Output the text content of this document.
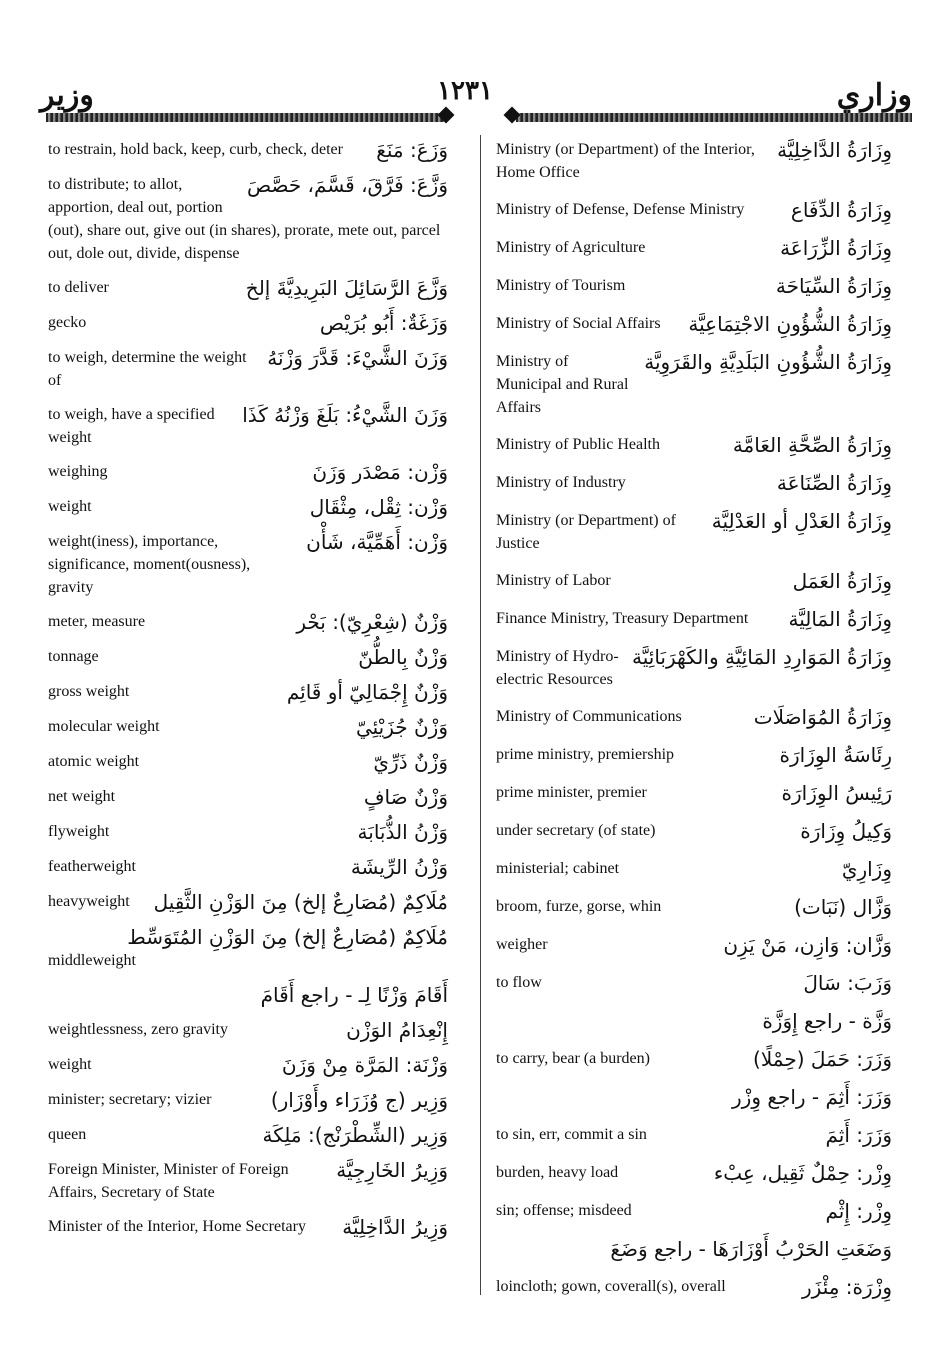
وزير	١٢٣١	وزاري
وَزَعَ: مَنَعَ
to restrain, hold back, keep, curb, check, deter
وَزَّعَ: فَرَّقَ، قَسَّمَ، حَصَّصَ
to distribute; to allot, apportion, deal out, portion (out), share out, give out (in shares), prorate, mete out, parcel out, dole out, divide, dispense
وَزَّعَ الرَّسَائِلَ البَرِيدِيَّةَ إلخ
to deliver
وَزَغَةٌ: أَبُو بُرَيْص
gecko
وَزَنَ الشَّيْءَ: قَدَّرَ وَزْنَهُ
to weigh, determine the weight of
وَزَنَ الشَّيْءُ: بَلَغَ وَزْنُهُ كَذَا
to weigh, have a specified weight
وَزْن: مَصْدَر وَزَنَ
weighing
وَزْن: ثِقْل، مِثْقَال
weight
وَزْن: أَهَمِّيَّة، شَأْن
weight(iness), importance, significance, moment(ousness), gravity
وَزْنٌ (شِعْرِيّ): بَحْر
meter, measure
وَزْنٌ بِالطُّنّ
tonnage
وَزْنٌ إِجْمَالِيّ أو قَائِم
gross weight
وَزْنٌ جُزَيْئِيّ
molecular weight
وَزْنٌ ذَرِّيّ
atomic weight
وَزْنٌ صَافٍ
net weight
وَزْنُ الذُّبَابَة
flyweight
وَزْنُ الرِّيشَة
featherweight
مُلَاكِمٌ (مُصَارِعٌ إلخ) مِنَ الوَزْنِ الثَّقِيل
heavyweight
مُلَاكِمٌ (مُصَارِعٌ إلخ) مِنَ الوَزْنِ المُتَوَسِّط
middleweight
أَقَامَ وَزْنًا لِـ - راجع أَقَامَ
إِنْعِدَامُ الوَزْن
weightlessness, zero gravity
وَزْنَة: المَرَّة مِنْ وَزَنَ
weight
وَزِير (ج وُزَرَاء وأَوْزَار)
minister; secretary; vizier
وَزِير (الشِّطْرَنْج): مَلِكَة
queen
وَزِيرُ الخَارِجِيَّة
Foreign Minister, Minister of Foreign Affairs, Secretary of State
وَزِيرُ الدَّاخِلِيَّة
Minister of the Interior, Home Secretary
وِزَارَةُ الدَّاخِلِيَّة
Ministry (or Department) of the Interior, Home Office
وِزَارَةُ الدِّفَاع
Ministry of Defense, Defense Ministry
وِزَارَةُ الزِّرَاعَة
Ministry of Agriculture
وِزَارَةُ السِّيَاحَة
Ministry of Tourism
وِزَارَةُ الشُّؤُونِ الاجْتِمَاعِيَّة
Ministry of Social Affairs
وِزَارَةُ الشُّؤُونِ البَلَدِيَّةِ والقَرَوِيَّة
Ministry of Municipal and Rural Affairs
وِزَارَةُ الصِّحَّةِ العَامَّة
Ministry of Public Health
وِزَارَةُ الصِّنَاعَة
Ministry of Industry
وِزَارَةُ العَدْلِ أو العَدْلِيَّة
Ministry (or Department) of Justice
وِزَارَةُ العَمَل
Ministry of Labor
وِزَارَةُ المَالِيَّة
Finance Ministry, Treasury Department
وِزَارَةُ المَوَارِدِ المَائِيَّةِ والكَهْرَبَائِيَّة
Ministry of Hydro-electric Resources
وِزَارَةُ المُوَاصَلَات
Ministry of Communications
رِئَاسَةُ الوِزَارَة
prime ministry, premiership
رَئِيسُ الوِزَارَة
prime minister, premier
وَكِيلُ وِزَارَة
under secretary (of state)
وِزَارِيّ
ministerial; cabinet
وَزَّال (نَبَات)
broom, furze, gorse, whin
وَزَّان: وَازِن، مَنْ يَزِن
weigher
وَزَبَ: سَالَ
to flow
وَزَّة - راجع إِوَزَّة
وَزَرَ: حَمَلَ (حِمْلًا)
to carry, bear (a burden)
وَزَرَ: أَثِمَ - راجع وِزْر
وَزَرَ: أَثِمَ
to sin, err, commit a sin
وِزْر: حِمْلٌ ثَقِيل، عِبْء
burden, heavy load
وِزْر: إِثْم
sin; offense; misdeed
وَضَعَتِ الحَرْبُ أَوْزَارَهَا - راجع وَضَعَ
وِزْرَة: مِئْزَر
loincloth; gown, coverall(s), overall
